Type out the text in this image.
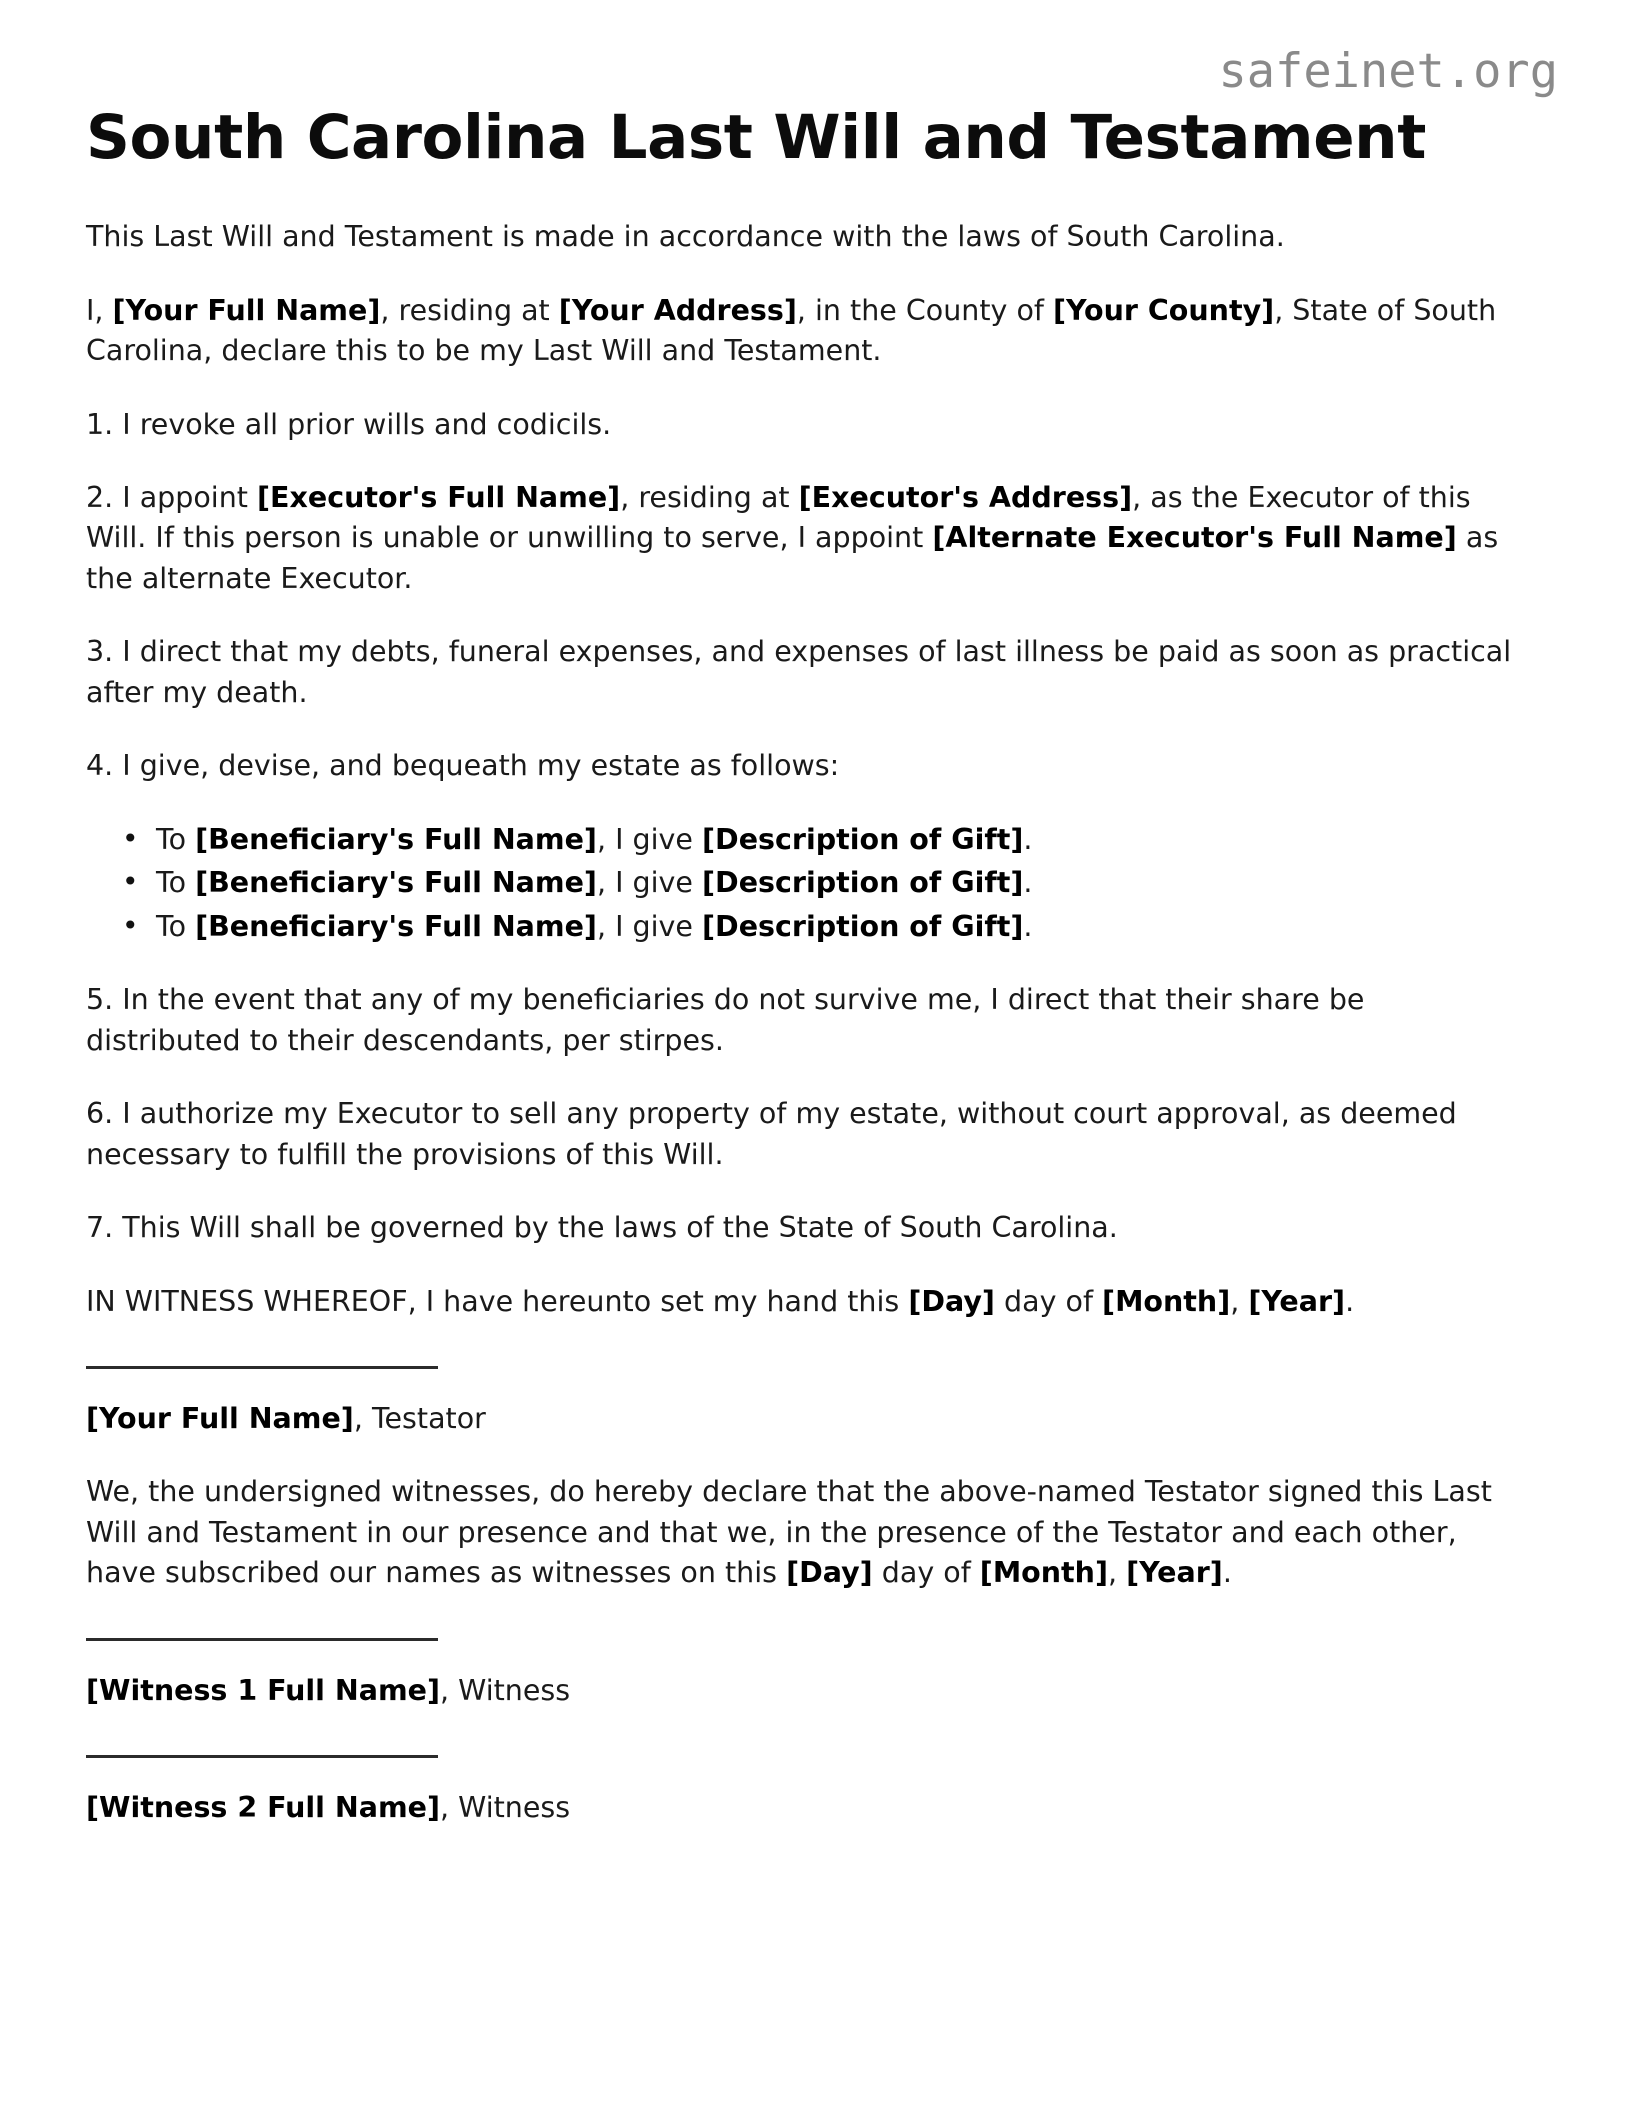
safeinet.org
South Carolina Last Will and Testament

This Last Will and Testament is made in accordance with the laws of South Carolina.

I, [Your Full Name], residing at [Your Address], in the County of [Your County], State of South Carolina, declare this to be my Last Will and Testament.

1. I revoke all prior wills and codicils.

2. I appoint [Executor's Full Name], residing at [Executor's Address], as the Executor of this Will. If this person is unable or unwilling to serve, I appoint [Alternate Executor's Full Name] as the alternate Executor.

3. I direct that my debts, funeral expenses, and expenses of last illness be paid as soon as practical after my death.

4. I give, devise, and bequeath my estate as follows:

• To [Beneficiary's Full Name], I give [Description of Gift].
• To [Beneficiary's Full Name], I give [Description of Gift].
• To [Beneficiary's Full Name], I give [Description of Gift].

5. In the event that any of my beneficiaries do not survive me, I direct that their share be distributed to their descendants, per stirpes.

6. I authorize my Executor to sell any property of my estate, without court approval, as deemed necessary to fulfill the provisions of this Will.

7. This Will shall be governed by the laws of the State of South Carolina.

IN WITNESS WHEREOF, I have hereunto set my hand this [Day] day of [Month], [Year].

[Your Full Name], Testator

We, the undersigned witnesses, do hereby declare that the above-named Testator signed this Last Will and Testament in our presence and that we, in the presence of the Testator and each other, have subscribed our names as witnesses on this [Day] day of [Month], [Year].

[Witness 1 Full Name], Witness

[Witness 2 Full Name], Witness
